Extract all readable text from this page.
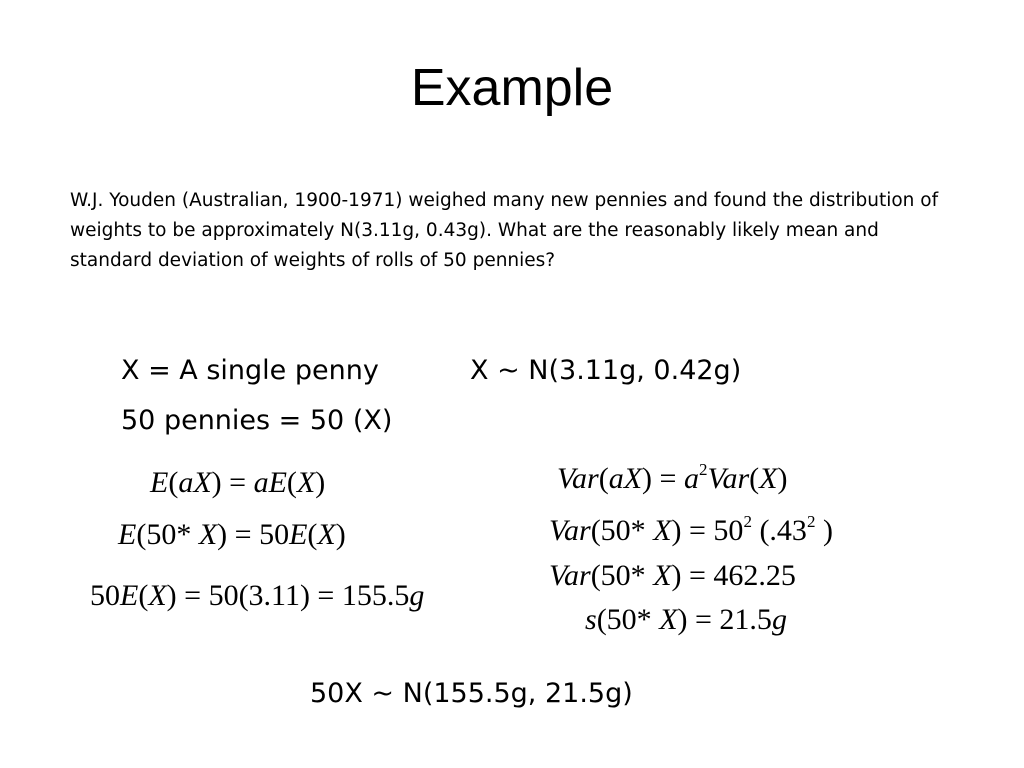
Example

W.J. Youden (Australian, 1900-1971) weighed many new pennies and found the distribution of weights to be approximately N(3.11g, 0.43g). What are the reasonably likely mean and standard deviation of weights of rolls of 50 pennies?

X = A single penny	X ~ N(3.11g, 0.42g)
50 pennies = 50 (X)
E(aX) = aE(X)
E(50* X) = 50E(X)
50E(X) = 50(3.11) = 155.5g
$Var(aX) = a^2Var(X)$
Var(50* $X) = 50^2$ ($.43^2$ )
Var(50* X) = 462.25
s(50* X) = 21.5g
50X ~ N(155.5g, 21.5g)
